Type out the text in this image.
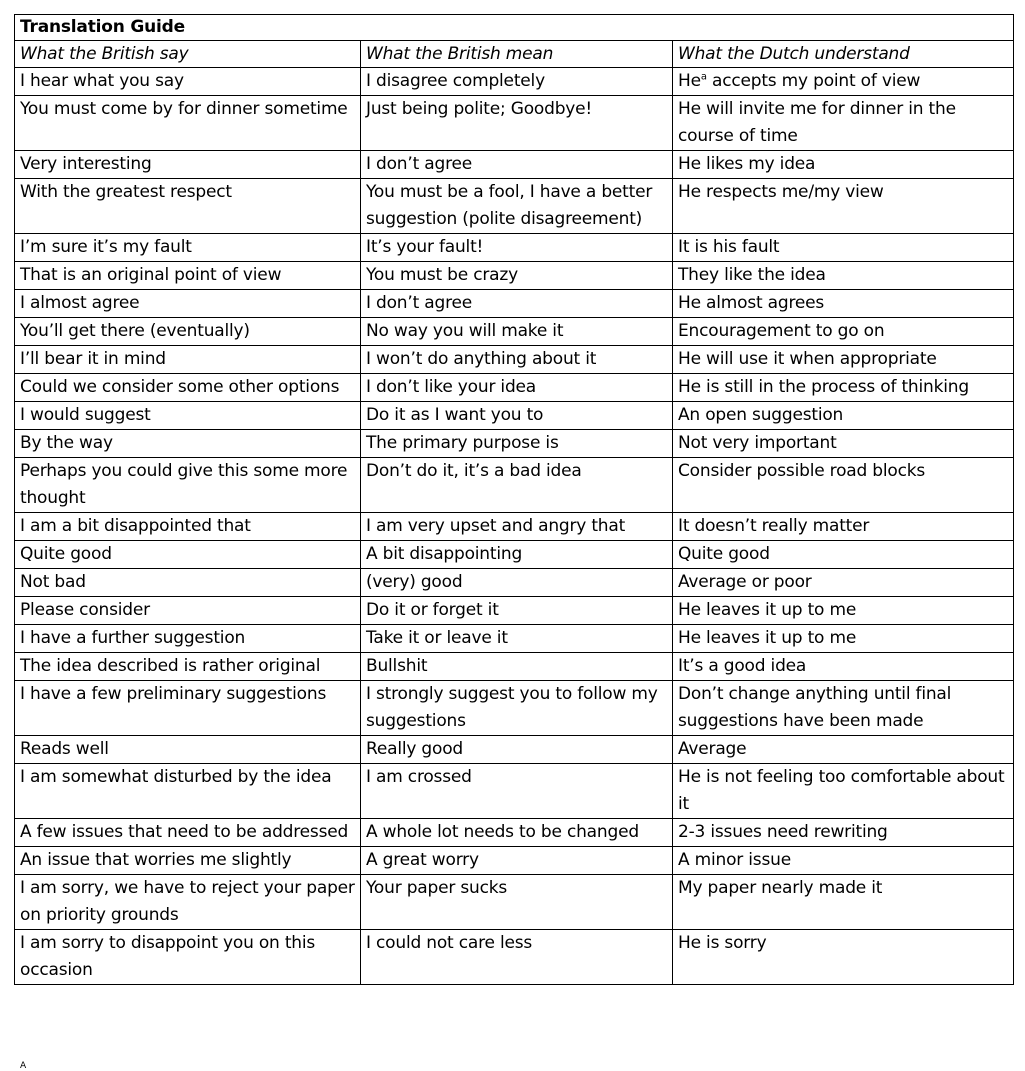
Translation Guide		
What the British say	What the British mean	What the Dutch understand
I hear what you say	I disagree completely	He$^a$ accepts my point of view
You must come by for dinner sometime	Just being polite; Goodbye!	He will invite me for dinner in the course of time
Very interesting	I don’t agree	He likes my idea
With the greatest respect	You must be a fool, I have a better suggestion (polite disagreement)	He respects me/my view
I’m sure it’s my fault	It’s your fault!	It is his fault
That is an original point of view	You must be crazy	They like the idea
I almost agree	I don’t agree	He almost agrees
You’ll get there (eventually)	No way you will make it	Encouragement to go on
I’ll bear it in mind	I won’t do anything about it	He will use it when appropriate
Could we consider some other options	I don’t like your idea	He is still in the process of thinking
I would suggest	Do it as I want you to	An open suggestion
By the way	The primary purpose is	Not very important
Perhaps you could give this some more thought	Don’t do it, it’s a bad idea	Consider possible road blocks
I am a bit disappointed that	I am very upset and angry that	It doesn’t really matter
Quite good	A bit disappointing	Quite good
Not bad	(very) good	Average or poor
Please consider	Do it or forget it	He leaves it up to me
I have a further suggestion	Take it or leave it	He leaves it up to me
The idea described is rather original	Bullshit	It’s a good idea
I have a few preliminary suggestions	I strongly suggest you to follow my suggestions	Don’t change anything until final suggestions have been made
Reads well	Really good	Average
I am somewhat disturbed by the idea	I am crossed	He is not feeling too comfortable about it
A few issues that need to be addressed	A whole lot needs to be changed	2-3 issues need rewriting
An issue that worries me slightly	A great worry	A minor issue
I am sorry, we have to reject your paper on priority grounds	Your paper sucks	My paper nearly made it
I am sorry to disappoint you on this occasion	I could not care less	He is sorry
A
